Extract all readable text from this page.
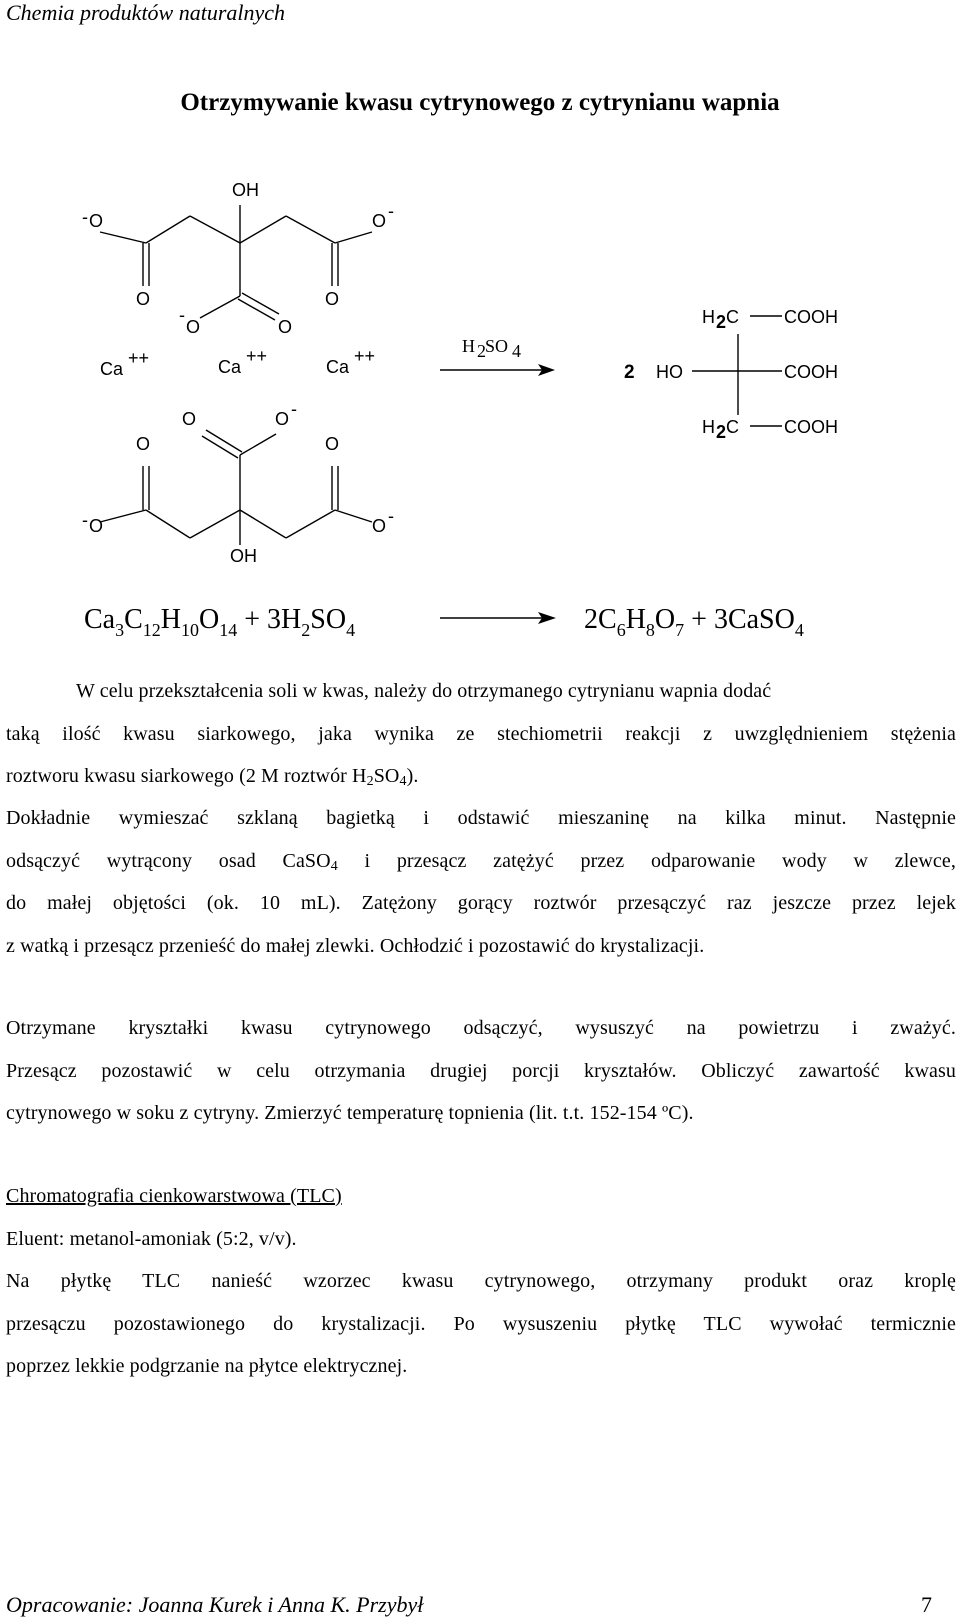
Chemia produktów naturalnych
Otrzymywanie kwasu cytrynowego z cytrynianu wapnia
OH
- O	O -
O	O
-
O	O
Ca
++	Ca
++
Ca
++	H 2 SO 4
O	O
O	O -
- O	O -
OH
H 2 C	COOH
2 HO	COOH
H 2 C	COOH
$Ca_3C_{12}H_{10}O_{14} + 3H_2SO_4$	$2C_6H_8O_7$ + 3CaSO$_4$
W celu przekształcenia soli w kwas, należy do otrzymanego cytrynianu wapnia dodać
taką ilość kwasu siarkowego, jaka wynika ze stechiometrii reakcji z uwzględnieniem stężenia
roztworu kwasu siarkowego (2 M roztwór $H_2SO_4$).
Dokładnie wymieszać szklaną bagietką i odstawić mieszaninę na kilka minut. Następnie
odsączyć wytrącony osad CaSO$_4$ i przesącz zatężyć przez odparowanie wody w zlewce,
do małej objętości (ok. 10 mL). Zatężony gorący roztwór przesączyć raz jeszcze przez lejek
z watką i przesącz przenieść do małej zlewki. Ochłodzić i pozostawić do krystalizacji.
Otrzymane kryształki kwasu cytrynowego odsączyć, wysuszyć na powietrzu i zważyć.
Przesącz pozostawić w celu otrzymania drugiej porcji kryształów. Obliczyć zawartość kwasu
cytrynowego w soku z cytryny. Zmierzyć temperaturę topnienia (lit. t.t. 152-154 ºC).
Chromatografia cienkowarstwowa (TLC)
Eluent: metanol-amoniak (5:2, v/v).
Na płytkę TLC nanieść wzorzec kwasu cytrynowego, otrzymany produkt oraz kroplę
przesączu pozostawionego do krystalizacji. Po wysuszeniu płytkę TLC wywołać termicznie
poprzez lekkie podgrzanie na płytce elektrycznej.
Opracowanie: Joanna Kurek i Anna K. Przybył	7
